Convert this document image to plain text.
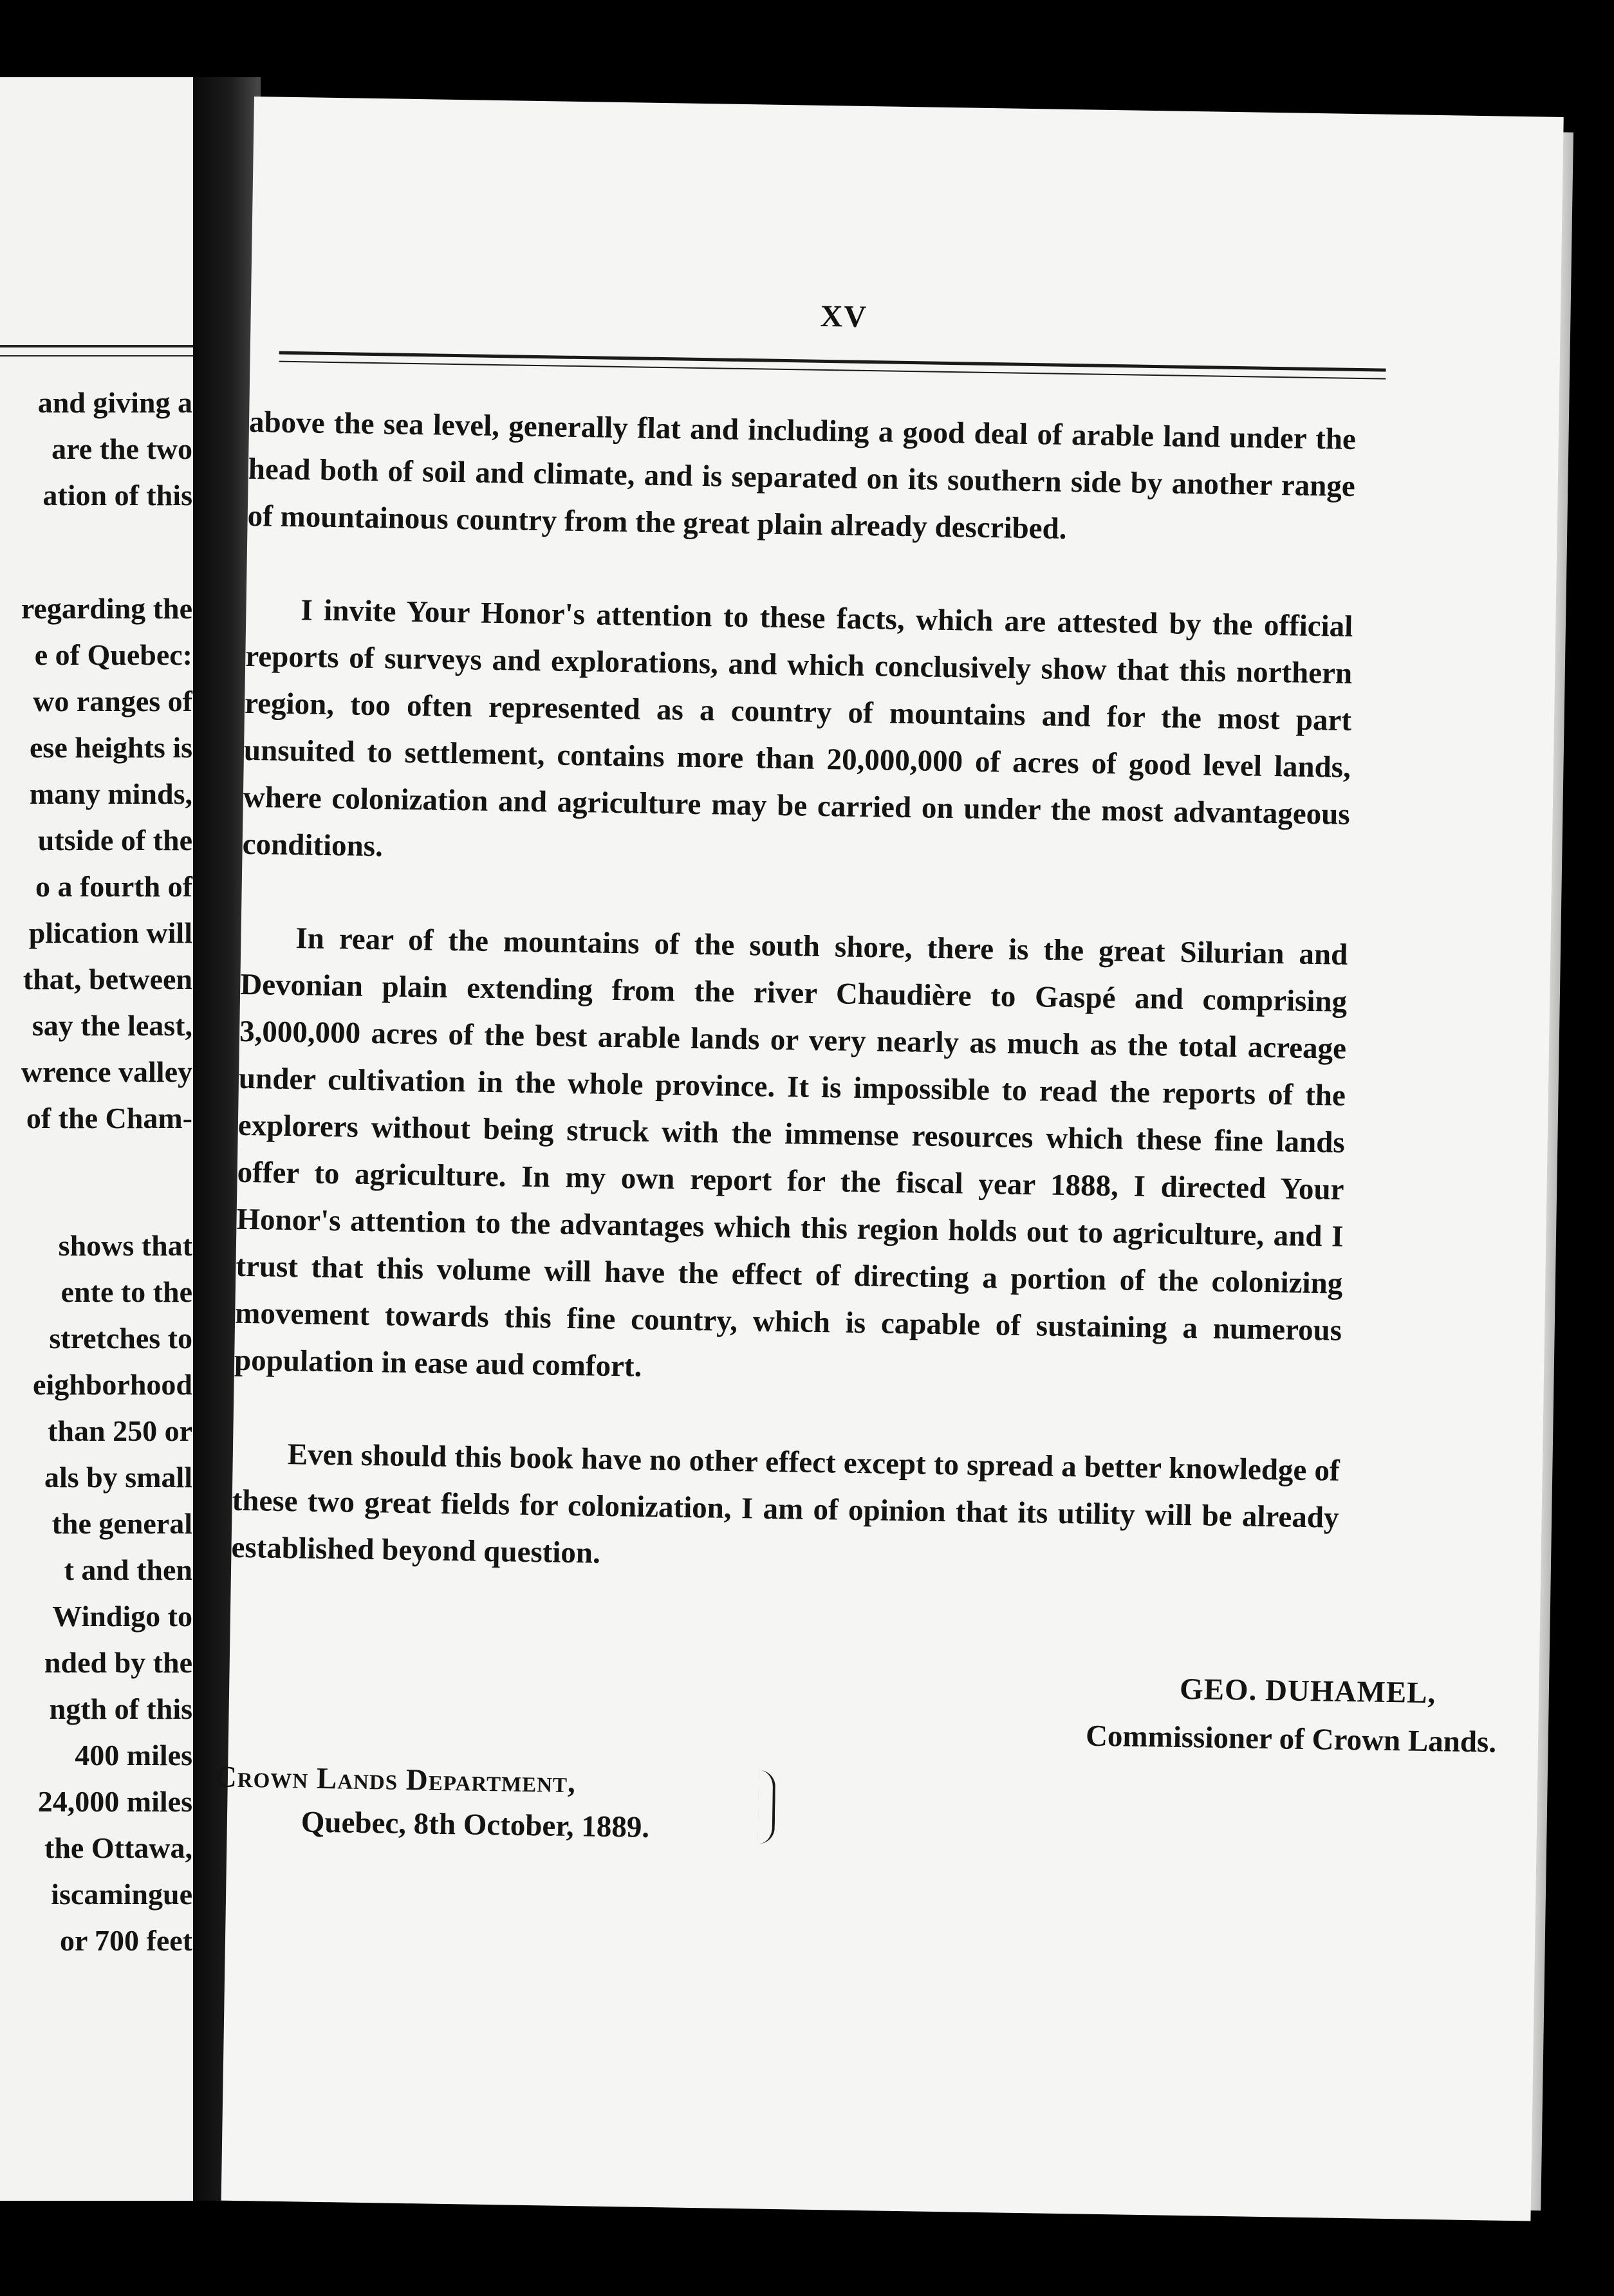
and giving a
are the two
ation of this
regarding the
e of Quebec:
wo ranges of
ese heights is
many minds,
utside of the
o a fourth of
plication will
that, between
say the least,
wrence valley
of the Cham-
shows that
ente to the
stretches to
eighborhood
than 250 or
als by small
the general
t and then
Windigo to
nded by the
ngth of this
400 miles
24,000 miles
the Ottawa,
iscamingue
or 700 feet
XV

above the sea level, generally flat and including a good deal of arable land under the head both of soil and climate, and is separated on its southern side by another range of mountainous country from the great plain already described.

I invite Your Honor's attention to these facts, which are attested by the official reports of surveys and explorations, and which conclusively show that this northern region, too often represented as a country of mountains and for the most part unsuited to settlement, contains more than 20,000,000 of acres of good level lands, where colonization and agriculture may be carried on under the most advantageous conditions.

In rear of the mountains of the south shore, there is the great Silurian and Devonian plain extending from the river Chaudière to Gaspé and comprising 3,000,000 acres of the best arable lands or very nearly as much as the total acreage under cultivation in the whole province. It is impossible to read the reports of the explorers without being struck with the immense resources which these fine lands offer to agriculture. In my own report for the fiscal year 1888, I directed Your Honor's attention to the advantages which this region holds out to agriculture, and I trust that this volume will have the effect of directing a portion of the colonizing movement towards this fine country, which is capable of sustaining a numerous population in ease aud comfort.

Even should this book have no other effect except to spread a better knowledge of these two great fields for colonization, I am of opinion that its utility will be already established beyond question.

GEO. DUHAMEL,
Commissioner of Crown Lands.
Crown Lands Department,
Quebec, 8th October, 1889.
